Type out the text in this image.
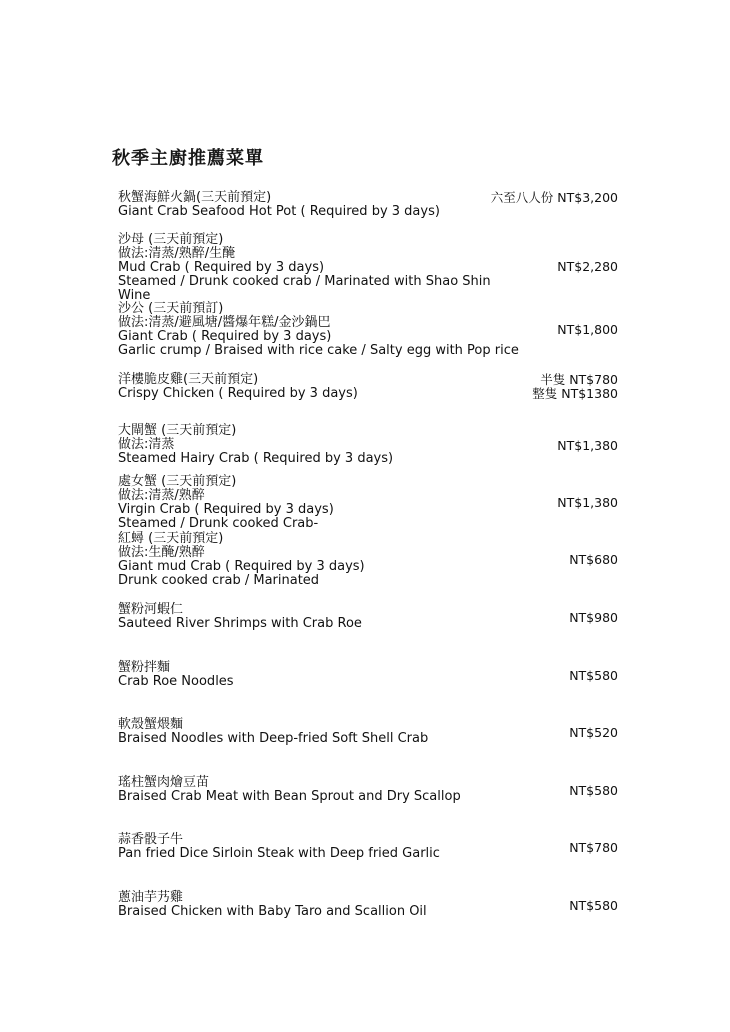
秋季主廚推薦菜單
秋蟹海鮮火鍋(三天前預定)
Giant Crab Seafood Hot Pot ( Required by 3 days)
六至八人份 NT$3,200
沙母 (三天前預定)
做法:清蒸/熟醉/生醃
Mud Crab ( Required by 3 days)
Steamed / Drunk cooked crab / Marinated with Shao Shin
Wine
NT$2,280
沙公 (三天前預訂)
做法:清蒸/避風塘/醬爆年糕/金沙鍋巴
Giant Crab ( Required by 3 days)
Garlic crump / Braised with rice cake / Salty egg with Pop rice
NT$1,800
洋樓脆皮雞(三天前預定)
Crispy Chicken ( Required by 3 days)
半隻 NT$780
整隻 NT$1380
大閘蟹 (三天前預定)
做法:清蒸
Steamed Hairy Crab ( Required by 3 days)
NT$1,380
處女蟹 (三天前預定)
做法:清蒸/熟醉
Virgin Crab ( Required by 3 days)
Steamed / Drunk cooked Crab-
NT$1,380
紅蟳 (三天前預定)
做法:生醃/熟醉
Giant mud Crab ( Required by 3 days)
Drunk cooked crab / Marinated
NT$680
蟹粉河蝦仁
Sauteed River Shrimps with Crab Roe	NT$980
蟹粉拌麵
Crab Roe Noodles	NT$580
軟殼蟹煨麵
Braised Noodles with Deep-fried Soft Shell Crab	NT$520
瑤柱蟹肉燴豆苗
Braised Crab Meat with Bean Sprout and Dry Scallop	NT$580
蒜香骰子牛
Pan fried Dice Sirloin Steak with Deep fried Garlic	NT$780
蔥油芋艿雞
Braised Chicken with Baby Taro and Scallion Oil	NT$580
